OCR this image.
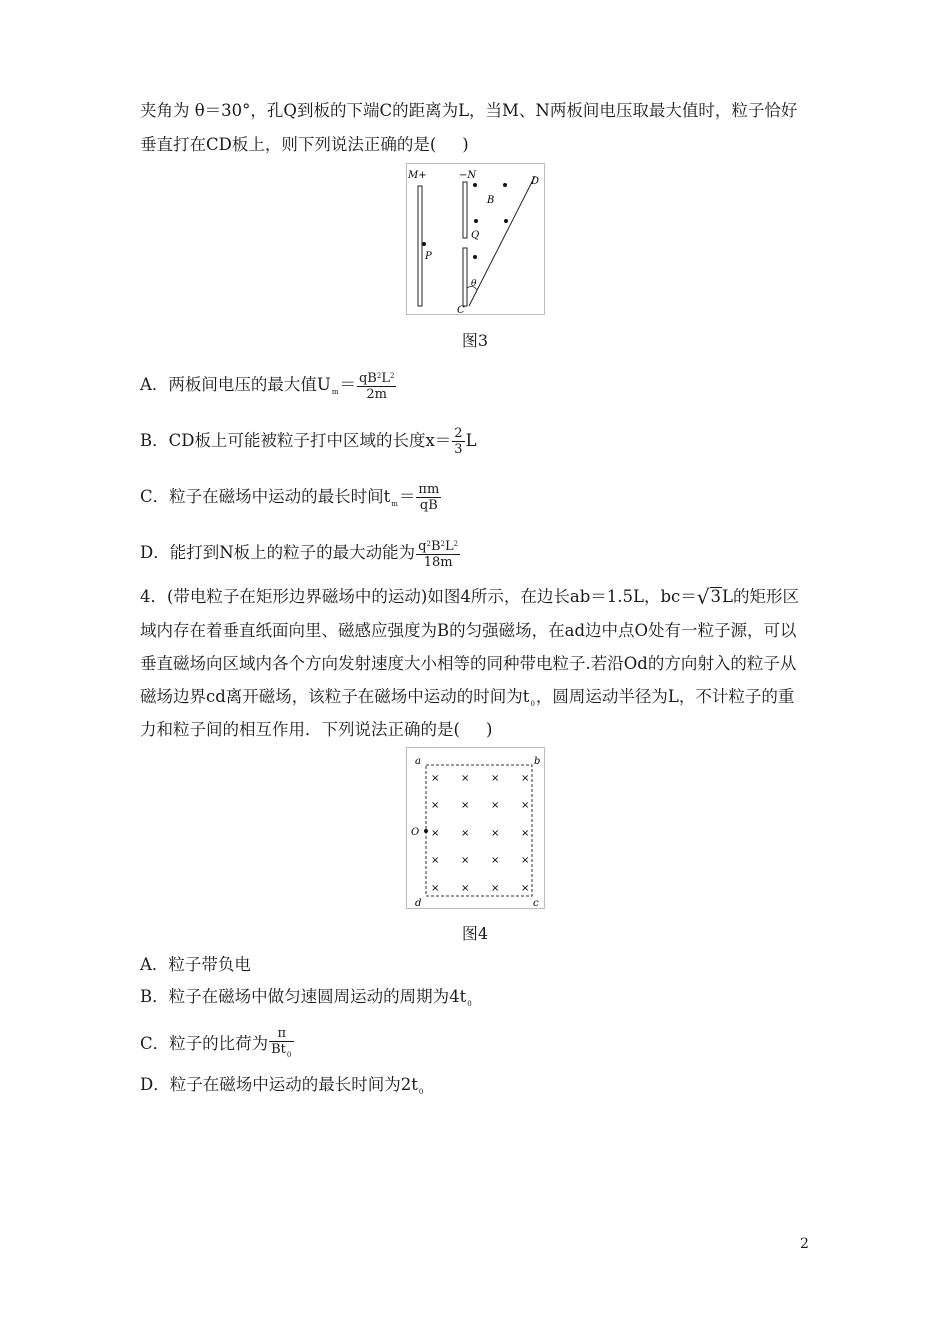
夹角为 θ＝30°，孔Q到板的下端C的距离为L，当M、N两板间电压取最大值时，粒子恰好
垂直打在CD板上，则下列说法正确的是( )
M+	−N
D
B
Q
P
θ
C
图3
A．两板间电压的最大值$U_m= \frac{qB^2L^2}{2m}$
B．CD板上可能被粒子打中区域的长度$x= \frac{2}{3}$ L
C．粒子在磁场中运动的最长时间$t_m= \frac{\pi m}{qB}$
D．能打到N板上的粒子的最大动能为 $\frac{q^2B^2L^2}{18m}$
4．(带电粒子在矩形边界磁场中的运动)如图4所示，在边长ab＝1.5L，bc＝√3L的矩形区
域内存在着垂直纸面向里、磁感应强度为B的匀强磁场，在ad边中点O处有一粒子源，可以
垂直磁场向区域内各个方向发射速度大小相等的同种带电粒子.若沿Od的方向射入的粒子从
磁场边界cd离开磁场，该粒子在磁场中运动的时间为$t_0$，圆周运动半径为L，不计粒子的重
力和粒子间的相互作用．下列说法正确的是( )
× × × ×
× × × ×
× × × ×
× × × ×
× × × ×
a	b
O
d	c
图4
A．粒子带负电
B．粒子在磁场中做匀速圆周运动的周期为$4t_0$
C．粒子的比荷为 $\frac{\pi}{Bt_0}$
D．粒子在磁场中运动的最长时间为$2t_0$
2
